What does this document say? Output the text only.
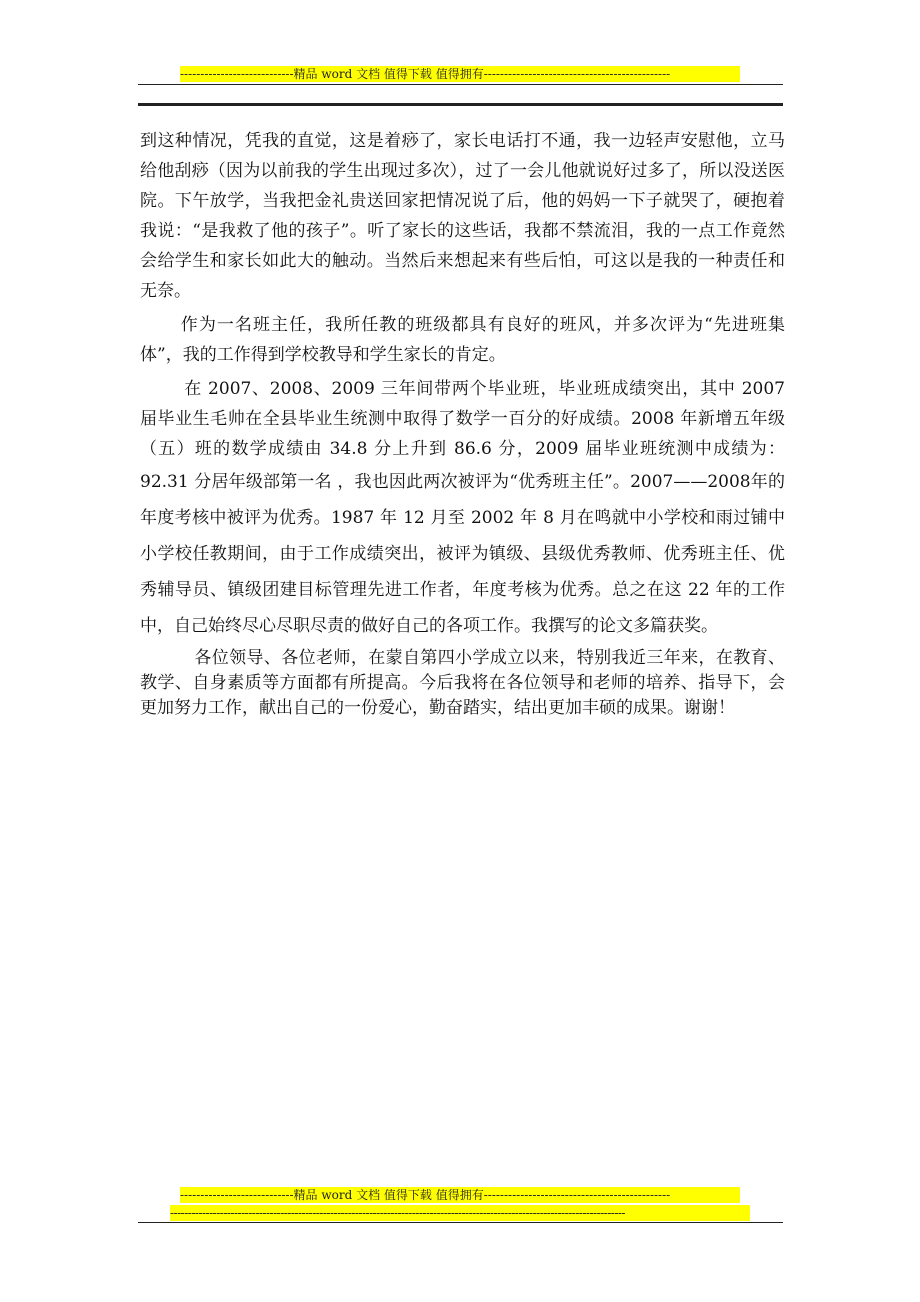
----------------------------精品 word 文档 值得下载 值得拥有----------------------------------------------

到这种情况，凭我的直觉，这是着痧了，家长电话打不通，我一边轻声安慰他，立马给他刮痧（因为以前我的学生出现过多次），过了一会儿他就说好过多了，所以没送医院。下午放学，当我把金礼贵送回家把情况说了后，他的妈妈一下子就哭了，硬抱着我说：“是我救了他的孩子”。听了家长的这些话，我都不禁流泪，我的一点工作竟然会给学生和家长如此大的触动。当然后来想起来有些后怕，可这以是我的一种责任和无奈。

作为一名班主任，我所任教的班级都具有良好的班风，并多次评为“先进班集体”，我的工作得到学校教导和学生家长的肯定。

在 2007、2008、2009 三年间带两个毕业班，毕业班成绩突出，其中 2007 届毕业生毛帅在全县毕业生统测中取得了数学一百分的好成绩。2008 年新增五年级（五）班的数学成绩由 34.8 分上升到 86.6 分，2009 届毕业班统测中成绩为：92.31 分居年级部第一名 ，我也因此两次被评为“优秀班主任”。2007——2008年的年度考核中被评为优秀。1987 年 12 月至 2002 年 8 月在鸣就中小学校和雨过铺中小学校任教期间，由于工作成绩突出，被评为镇级、县级优秀教师、优秀班主任、优秀辅导员、镇级团建目标管理先进工作者，年度考核为优秀。总之在这 22 年的工作中，自己始终尽心尽职尽责的做好自己的各项工作。我撰写的论文多篇获奖。

各位领导、各位老师，在蒙自第四小学成立以来，特别我近三年来，在教育、教学、自身素质等方面都有所提高。今后我将在各位领导和老师的培养、指导下，会更加努力工作，献出自己的一份爱心，勤奋踏实，结出更加丰硕的成果。谢谢！

----------------------------精品 word 文档 值得下载 值得拥有----------------------------------------------
--------------------------------------------------------------------------------------------------------------------------------
